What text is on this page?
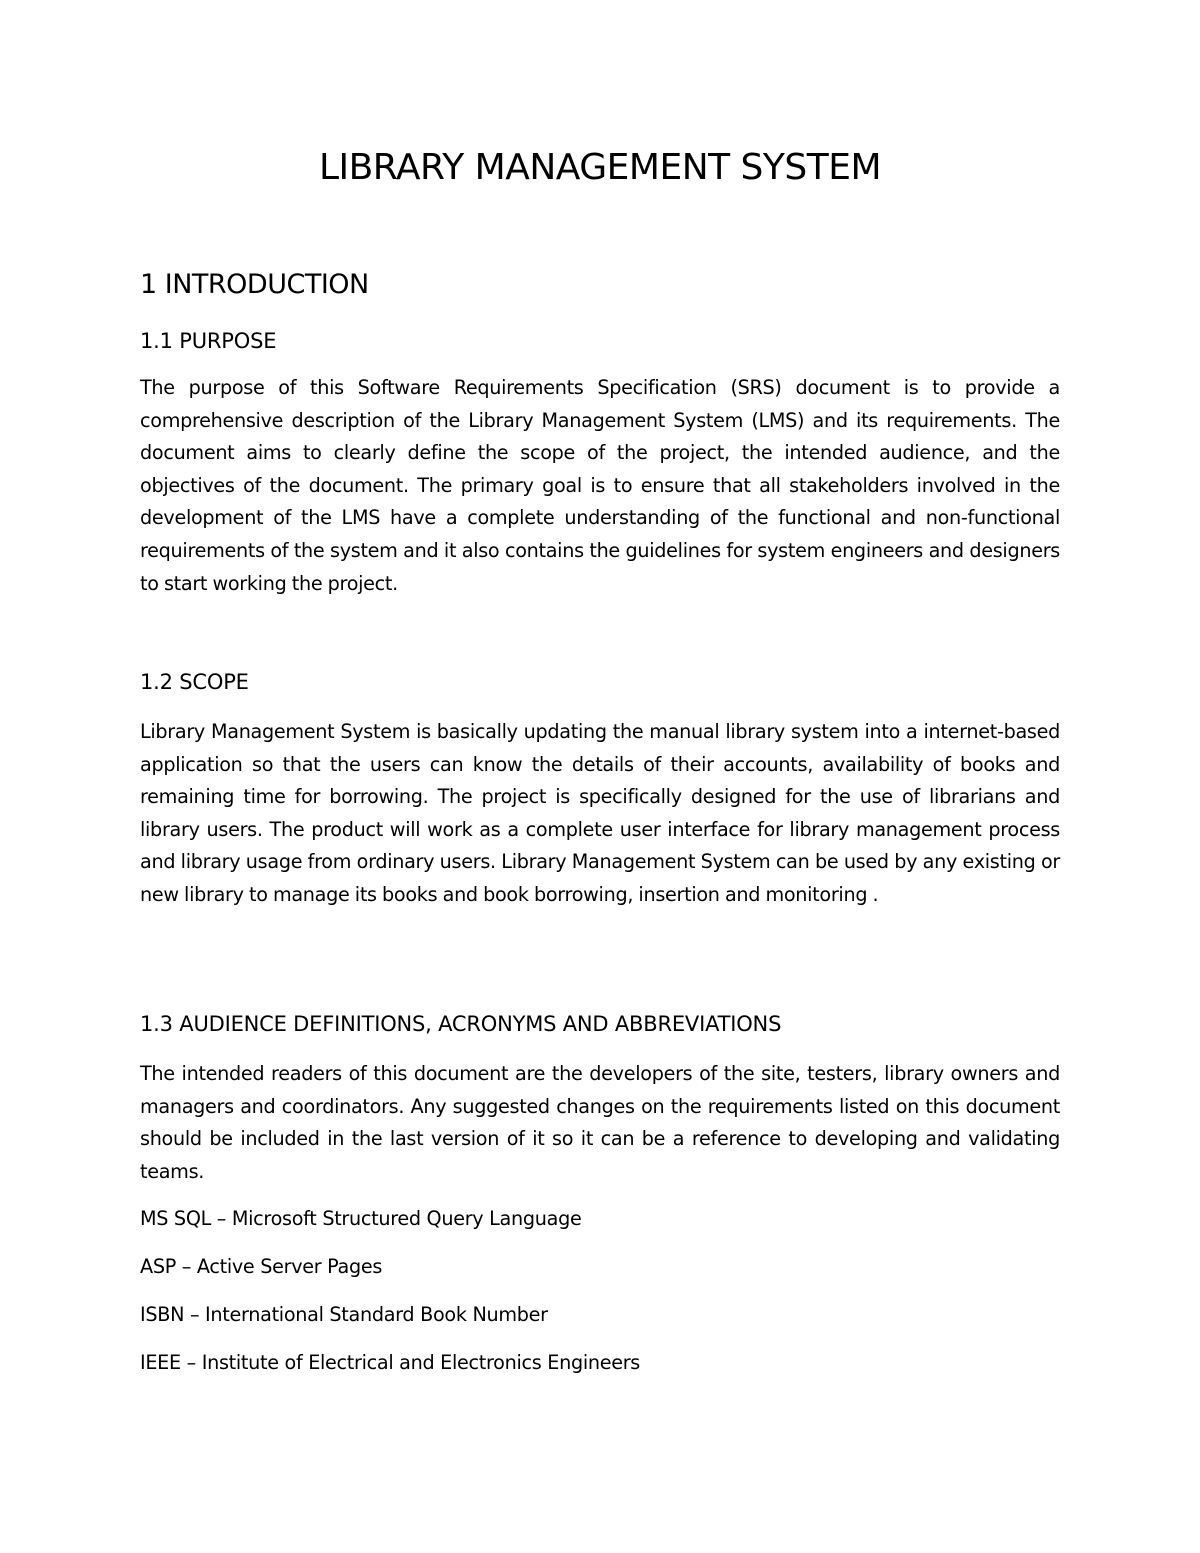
LIBRARY MANAGEMENT SYSTEM
1 INTRODUCTION
1.1 PURPOSE

The purpose of this Software Requirements Specification (SRS) document is to provide a comprehensive description of the Library Management System (LMS) and its requirements. The document aims to clearly define the scope of the project, the intended audience, and the objectives of the document. The primary goal is to ensure that all stakeholders involved in the development of the LMS have a complete understanding of the functional and non-functional requirements of the system and it also contains the guidelines for system engineers and designers to start working the project.

1.2 SCOPE

Library Management System is basically updating the manual library system into a internet-based application so that the users can know the details of their accounts, availability of books and remaining time for borrowing. The project is specifically designed for the use of librarians and library users. The product will work as a complete user interface for library management process and library usage from ordinary users. Library Management System can be used by any existing or new library to manage its books and book borrowing, insertion and monitoring .

1.3 AUDIENCE DEFINITIONS, ACRONYMS AND ABBREVIATIONS

The intended readers of this document are the developers of the site, testers, library owners and managers and coordinators. Any suggested changes on the requirements listed on this document should be included in the last version of it so it can be a reference to developing and validating teams.

MS SQL – Microsoft Structured Query Language

ASP – Active Server Pages

ISBN – International Standard Book Number

IEEE – Institute of Electrical and Electronics Engineers
